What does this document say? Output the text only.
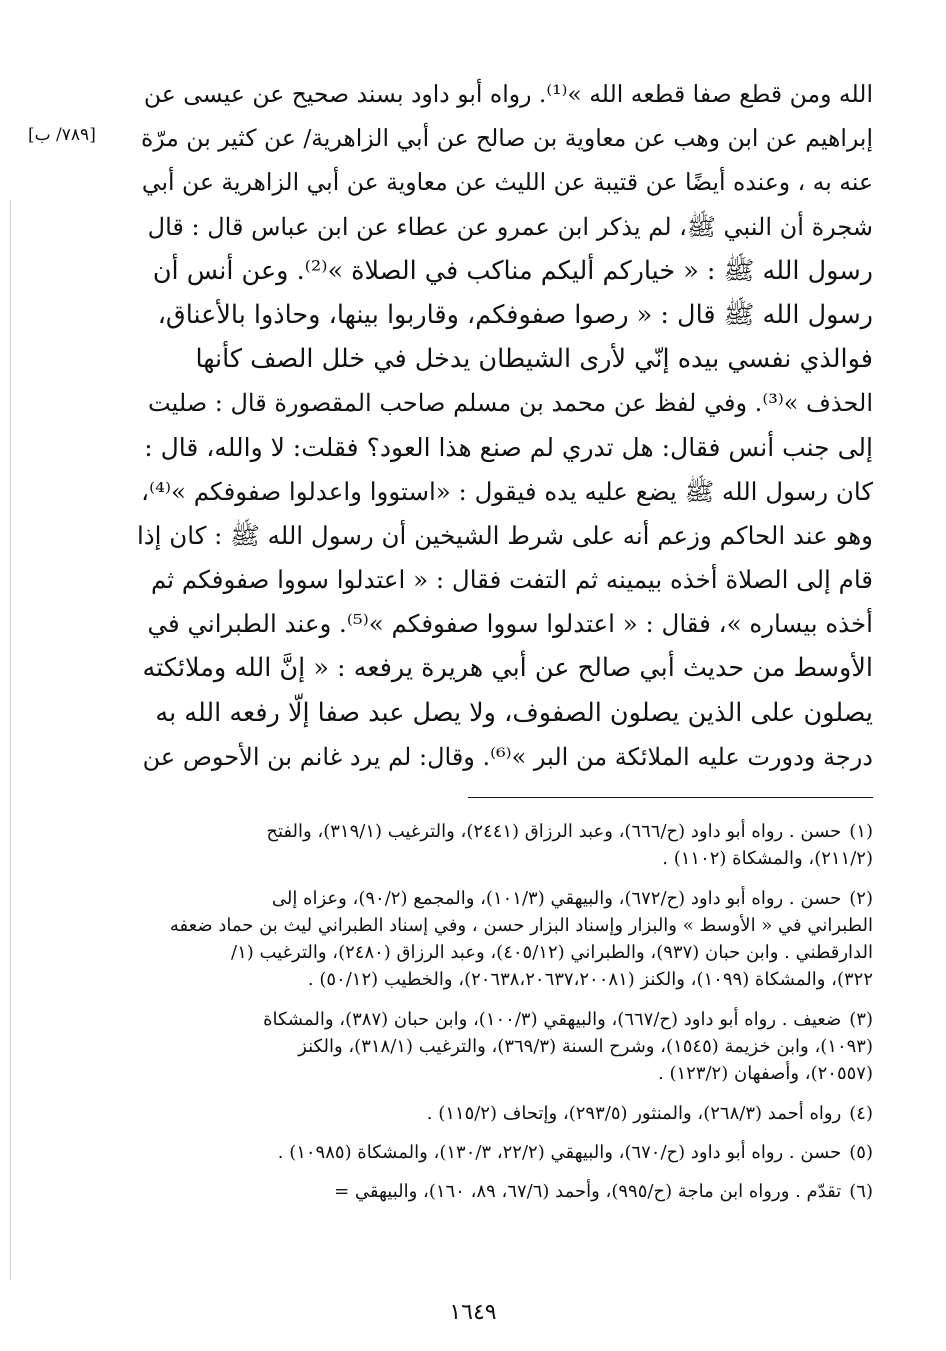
[٧٨٩/ ب]
الله ومن قطع صفا قطعه الله »⁽¹⁾. رواه أبو داود بسند صحيح عن عيسى عن
إبراهيم عن ابن وهب عن معاوية بن صالح عن أبي الزاهرية/ عن كثير بن مرّة
عنه به ، وعنده أيضًا عن قتيبة عن الليث عن معاوية عن أبي الزاهرية عن أبي
شجرة أن النبي ﷺ، لم يذكر ابن عمرو عن عطاء عن ابن عباس قال : قال
رسول الله ﷺ : « خياركم أليكم مناكب في الصلاة »⁽²⁾. وعن أنس أن
رسول الله ﷺ قال : « رصوا صفوفكم، وقاربوا بينها، وحاذوا بالأعناق،
فوالذي نفسي بيده إنّي لأرى الشيطان يدخل في خلل الصف كأنها
الحذف »⁽³⁾. وفي لفظ عن محمد بن مسلم صاحب المقصورة قال : صليت
إلى جنب أنس فقال: هل تدري لم صنع هذا العود؟ فقلت: لا والله، قال :
كان رسول الله ﷺ يضع عليه يده فيقول : «استووا واعدلوا صفوفكم »⁽⁴⁾،
وهو عند الحاكم وزعم أنه على شرط الشيخين أن رسول الله ﷺ : كان إذا
قام إلى الصلاة أخذه بيمينه ثم التفت فقال : « اعتدلوا سووا صفوفكم ثم
أخذه بيساره »، فقال : « اعتدلوا سووا صفوفكم »⁽⁵⁾. وعند الطبراني في
الأوسط من حديث أبي صالح عن أبي هريرة يرفعه : « إنَّ الله وملائكته
يصلون على الذين يصلون الصفوف، ولا يصل عبد صفا إلّا رفعه الله به
درجة ودورت عليه الملائكة من البر »⁽⁶⁾. وقال: لم يرد غانم بن الأحوص عن
(١)حسن . رواه أبو داود (ح/٦٦٦)، وعبد الرزاق (٢٤٤١)، والترغيب (٣١٩/١)، والفتح
(٢١١/٢)، والمشكاة (١١٠٢) .
(٢)حسن . رواه أبو داود (ح/٦٧٢)، والبيهقي (١٠١/٣)، والمجمع (٩٠/٢)، وعزاه إلى
الطبراني في « الأوسط » والبزار وإسناد البزار حسن ، وفي إسناد الطبراني ليث بن حماد ضعفه
الدارقطني . وابن حبان (٩٣٧)، والطبراني (٤٠٥/١٢)، وعبد الرزاق (٢٤٨٠)، والترغيب (١/
٣٢٢)، والمشكاة (١٠٩٩)، والكنز (٢٠٦٣٨،٢٠٦٣٧،٢٠٠٨١)، والخطيب (٥٠/١٢) .
(٣)ضعيف . رواه أبو داود (ح/٦٦٧)، والبيهقي (١٠٠/٣)، وابن حبان (٣٨٧)، والمشكاة
(١٠٩٣)، وابن خزيمة (١٥٤٥)، وشرح السنة (٣٦٩/٣)، والترغيب (٣١٨/١)، والكنز
(٢٠٥٥٧)، وأصفهان (١٢٣/٢) .
(٤)رواه أحمد (٢٦٨/٣)، والمنثور (٢٩٣/٥)، وإتحاف (١١٥/٢) .
(٥)حسن . رواه أبو داود (ح/٦٧٠)، والبيهقي (٢٢/٢، ١٣٠/٣)، والمشكاة (١٠٩٨٥) .
(٦)تقدّم . ورواه ابن ماجة (ح/٩٩٥)، وأحمد (٦٧/٦، ٨٩، ١٦٠)، والبيهقي =
١٦٤٩
